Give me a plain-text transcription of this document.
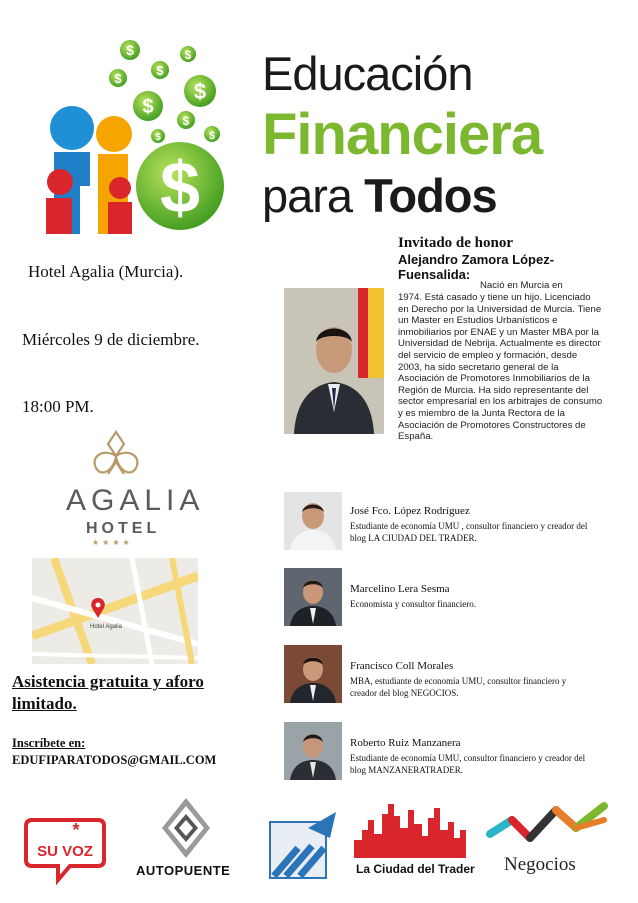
$	$
$
$
$
$
$
$
$
$
Educación
Financiera
para Todos
Hotel Agalia (Murcia).
Miércoles 9 de diciembre.
18:00 PM.
AGALIA
HOTEL
★★★★
Hotel Agalia
Asistencia gratuita y aforo limitado.
Inscríbete en:
EDUFIPARATODOS@GMAIL.COM
Invitado de honor
Alejandro Zamora López-
Fuensalida:
Nació en Murcia en
1974. Está casado y tiene un hijo. Licenciado en Derecho por la Universidad de Murcia. Tiene un Master en Estudios Urbanísticos e inmobiliarios por ENAE y un Master MBA por la Universidad de Nebrija. Actualmente es director del servicio de empleo y formación, desde 2003, ha sido secretario general de la Asociación de Promotores Inmobiliarios de la Región de Murcia. Ha sido representante del sector empresarial en los arbitrajes de consumo y es miembro de la Junta Rectora de la Asociación de Promotores Constructores de España.
José Fco. López Rodríguez
Estudiante de economía UMU , consultor financiero y creador del blog LA CIUDAD DEL TRADER.
Marcelino Lera Sesma
Economista y consultor financiero.
Francisco Coll Morales
MBA, estudiante de economía UMU, consultor financiero y creador del blog NEGOCIOS.
Roberto Ruiz Manzanera
Estudiante de economía UMU, consultor financiero y creador del blog MANZANERATRADER.
*
SU VOZ
AUTOPUENTE	La Ciudad del Trader Negocios
